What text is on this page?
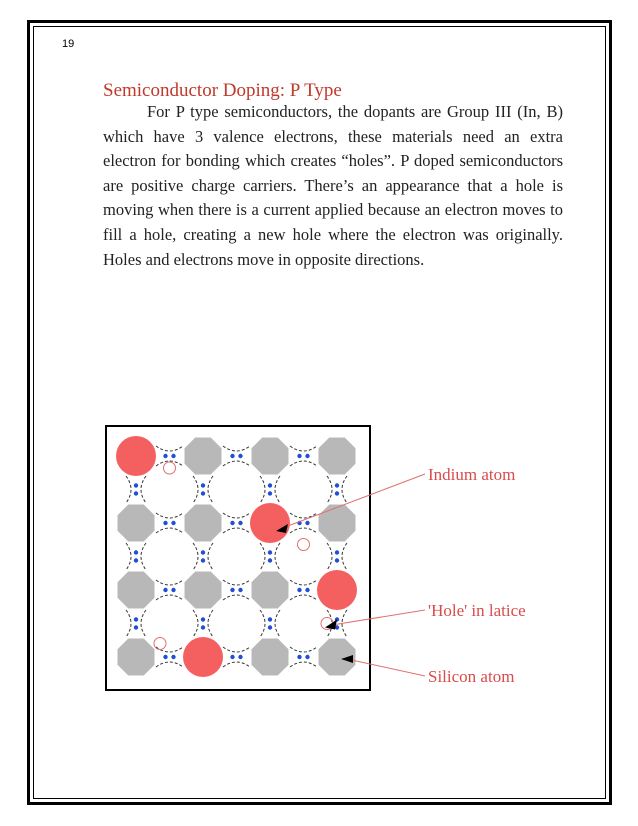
19
Semiconductor Doping: P Type

For P type semiconductors, the dopants are Group III (In, B) which have 3 valence electrons, these materials need an extra electron for bonding which creates “holes”. P doped semiconductors are positive charge carriers. There’s an appearance that a hole is moving when there is a current applied because an electron moves to fill a hole, creating a new hole where the electron was originally. Holes and electrons move in opposite directions.

Indium atom
'Hole' in latice
Silicon atom
